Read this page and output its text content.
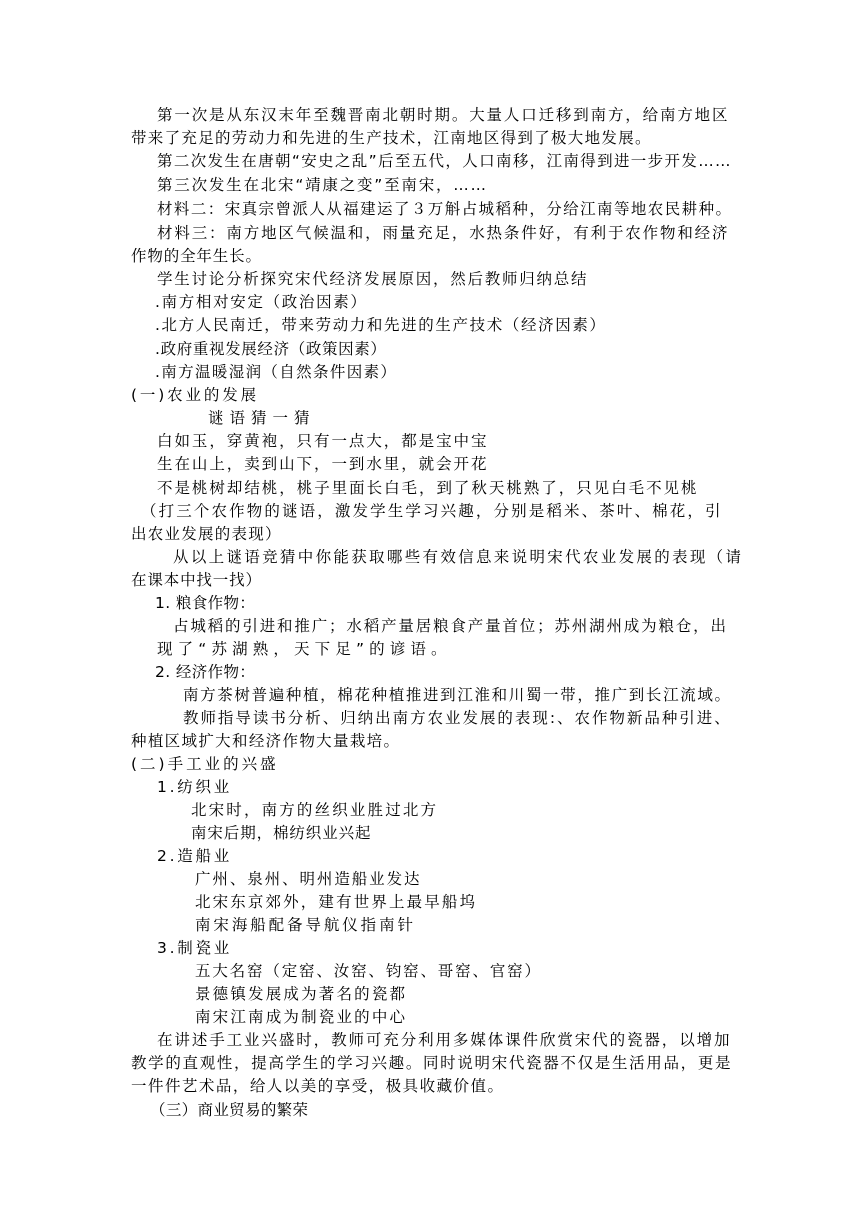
第一次是从东汉末年至魏晋南北朝时期。大量人口迁移到南方，给南方地区
带来了充足的劳动力和先进的生产技术，江南地区得到了极大地发展。
第二次发生在唐朝“安史之乱”后至五代，人口南移，江南得到进一步开发……
第三次发生在北宋“靖康之变”至南宋，……
材料二：宋真宗曾派人从福建运了３万斛占城稻种，分给江南等地农民耕种。
材料三：南方地区气候温和，雨量充足，水热条件好，有利于农作物和经济
作物的全年生长。
学生讨论分析探究宋代经济发展原因，然后教师归纳总结
.南方相对安定（政治因素）
.北方人民南迁，带来劳动力和先进的生产技术（经济因素）
.政府重视发展经济（政策因素）
.南方温暖湿润（自然条件因素）
(一)农业的发展
谜语猜一猜
白如玉，穿黄袍，只有一点大，都是宝中宝
生在山上，卖到山下，一到水里，就会开花
不是桃树却结桃，桃子里面长白毛，到了秋天桃熟了，只见白毛不见桃
（打三个农作物的谜语，激发学生学习兴趣，分别是稻米、茶叶、棉花，引
出农业发展的表现）
从以上谜语竞猜中你能获取哪些有效信息来说明宋代农业发展的表现（请
在课本中找一找）
1. 粮食作物：
占城稻的引进和推广；水稻产量居粮食产量首位；苏州湖州成为粮仓，出
现了“苏湖熟，天下足”的谚语。
2. 经济作物：
南方茶树普遍种植，棉花种植推进到江淮和川蜀一带，推广到长江流域。
教师指导读书分析、归纳出南方农业发展的表现:、农作物新品种引进、
种植区域扩大和经济作物大量栽培。
(二)手工业的兴盛
1.纺织业
北宋时，南方的丝织业胜过北方
南宋后期，棉纺织业兴起
2.造船业
广州、泉州、明州造船业发达
北宋东京郊外，建有世界上最早船坞
南宋海船配备导航仪指南针
3.制瓷业
五大名窑（定窑、汝窑、钧窑、哥窑、官窑）
景德镇发展成为著名的瓷都
南宋江南成为制瓷业的中心
在讲述手工业兴盛时，教师可充分利用多媒体课件欣赏宋代的瓷器，以增加
教学的直观性，提高学生的学习兴趣。同时说明宋代瓷器不仅是生活用品，更是
一件件艺术品，给人以美的享受，极具收藏价值。
（三）商业贸易的繁荣
